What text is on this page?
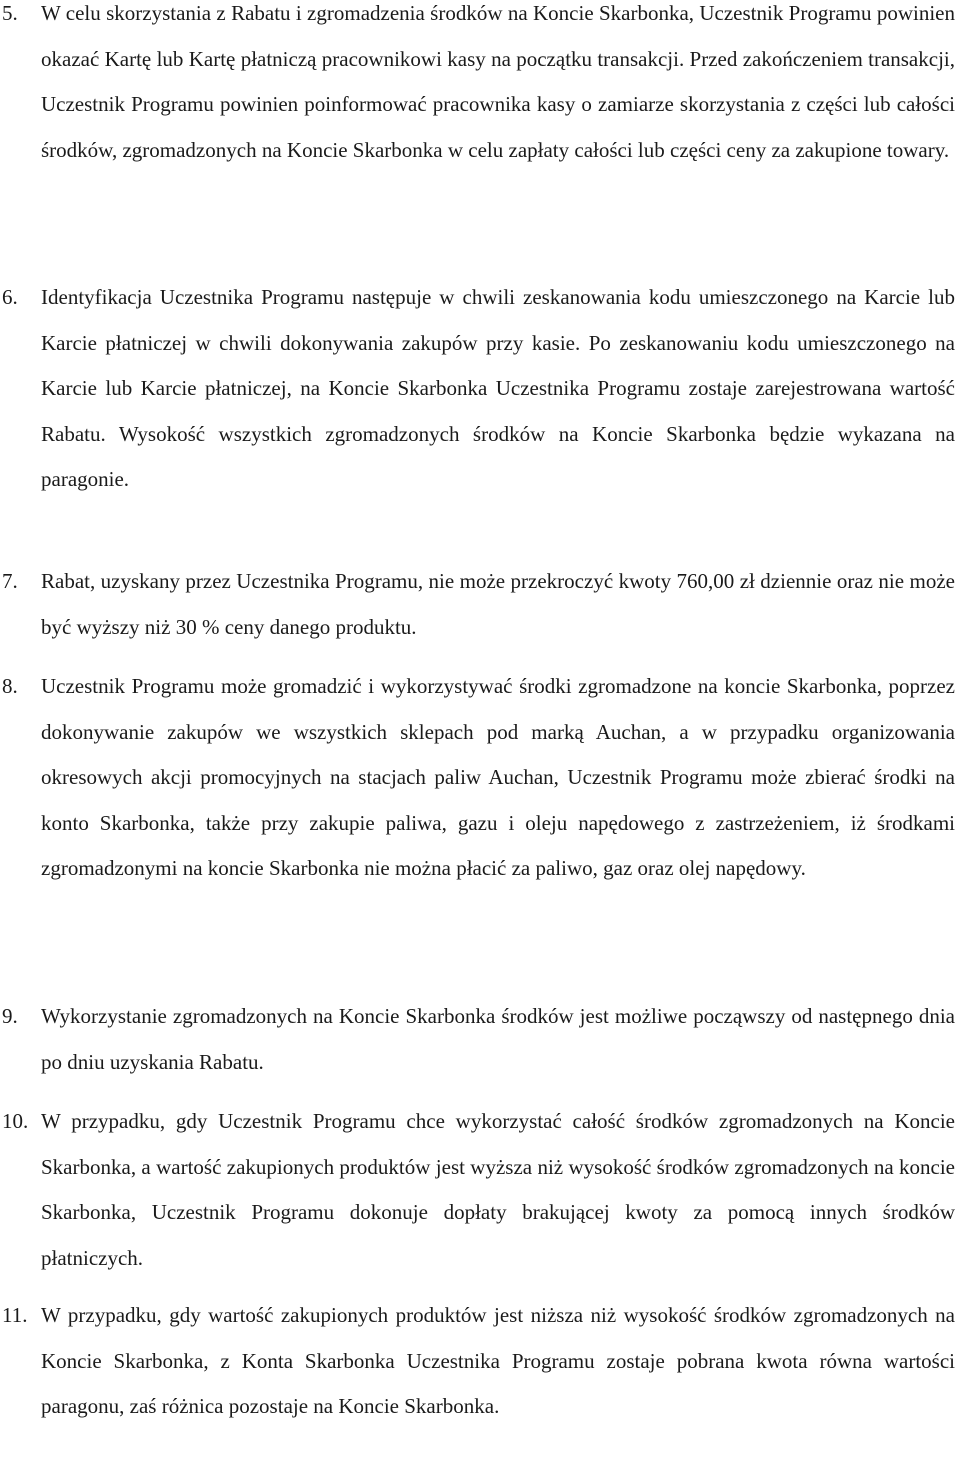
5. W celu skorzystania z Rabatu i zgromadzenia środków na Koncie Skarbonka, Uczestnik Programu powinien okazać Kartę lub Kartę płatniczą pracownikowi kasy na początku transakcji. Przed zakończeniem transakcji, Uczestnik Programu powinien poinformować pracownika kasy o zamiarze skorzystania z części lub całości środków, zgromadzonych na Koncie Skarbonka w celu zapłaty całości lub części ceny za zakupione towary.
6. Identyfikacja Uczestnika Programu następuje w chwili zeskanowania kodu umieszczonego na Karcie lub Karcie płatniczej w chwili dokonywania zakupów przy kasie. Po zeskanowaniu kodu umieszczonego na Karcie lub Karcie płatniczej, na Koncie Skarbonka Uczestnika Programu zostaje zarejestrowana wartość Rabatu. Wysokość wszystkich zgromadzonych środków na Koncie Skarbonka będzie wykazana na paragonie.
7. Rabat, uzyskany przez Uczestnika Programu, nie może przekroczyć kwoty 760,00 zł dziennie oraz nie może być wyższy niż 30 % ceny danego produktu.
8. Uczestnik Programu może gromadzić i wykorzystywać środki zgromadzone na koncie Skarbonka, poprzez dokonywanie zakupów we wszystkich sklepach pod marką Auchan, a w przypadku organizowania okresowych akcji promocyjnych na stacjach paliw Auchan, Uczestnik Programu może zbierać środki na konto Skarbonka, także przy zakupie paliwa, gazu i oleju napędowego z zastrzeżeniem, iż środkami zgromadzonymi na koncie Skarbonka nie można płacić za paliwo, gaz oraz olej napędowy.
9. Wykorzystanie zgromadzonych na Koncie Skarbonka środków jest możliwe począwszy od następnego dnia po dniu uzyskania Rabatu.
10. W przypadku, gdy Uczestnik Programu chce wykorzystać całość środków zgromadzonych na Koncie Skarbonka, a wartość zakupionych produktów jest wyższa niż wysokość środków zgromadzonych na koncie Skarbonka, Uczestnik Programu dokonuje dopłaty brakującej kwoty za pomocą innych środków płatniczych.
11. W przypadku, gdy wartość zakupionych produktów jest niższa niż wysokość środków zgromadzonych na Koncie Skarbonka, z Konta Skarbonka Uczestnika Programu zostaje pobrana kwota równa wartości paragonu, zaś różnica pozostaje na Koncie Skarbonka.
